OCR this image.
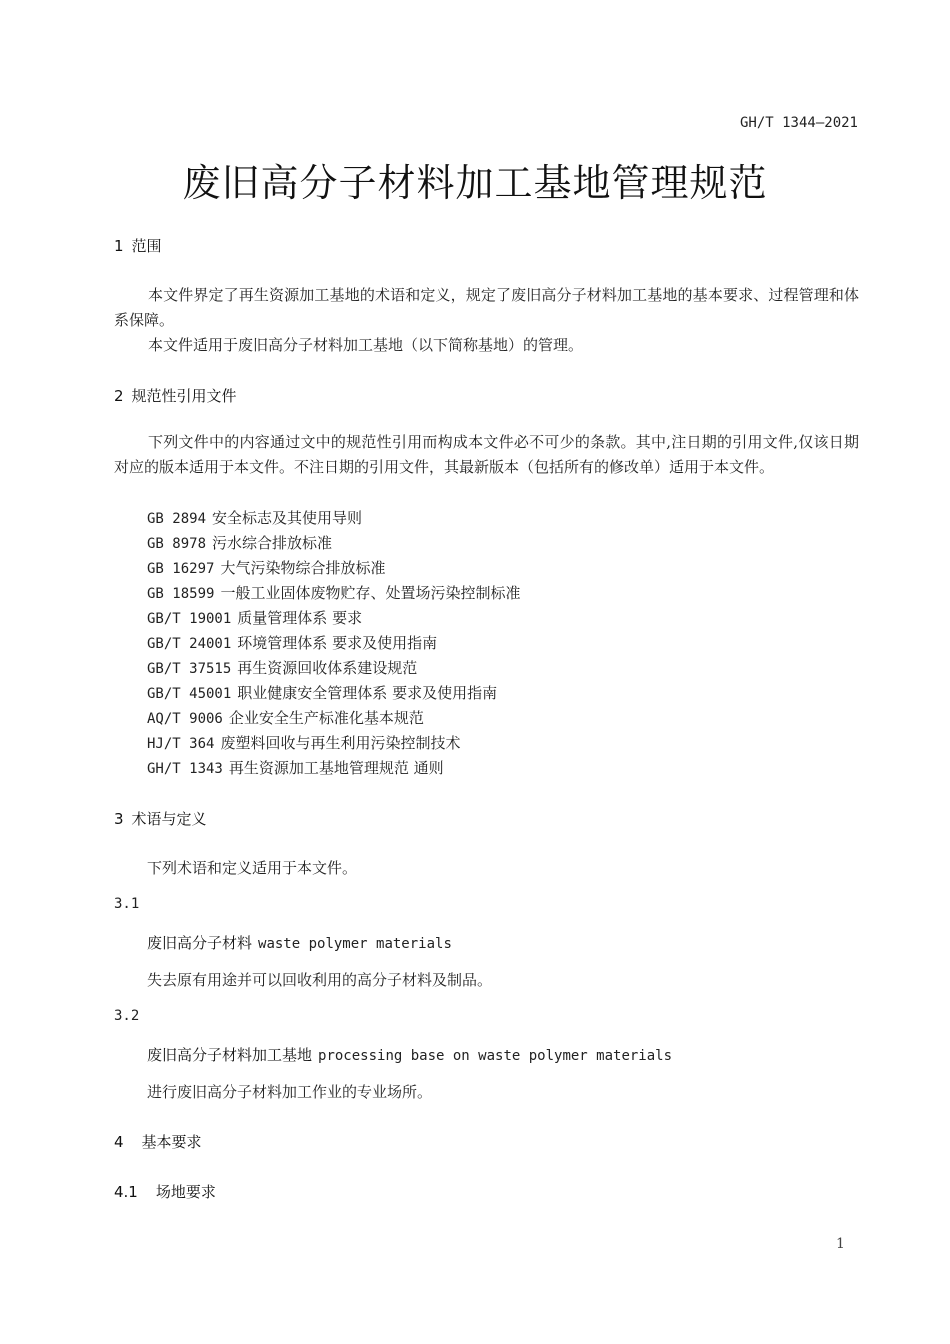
GH/T 1344—2021
废旧高分子材料加工基地管理规范
1 范围

本文件界定了再生资源加工基地的术语和定义，规定了废旧高分子材料加工基地的基本要求、过程管理和体系保障。

本文件适用于废旧高分子材料加工基地（以下简称基地）的管理。

2 规范性引用文件

下列文件中的内容通过文中的规范性引用而构成本文件必不可少的条款。其中,注日期的引用文件,仅该日期对应的版本适用于本文件。不注日期的引用文件，其最新版本（包括所有的修改单）适用于本文件。

GB 2894 安全标志及其使用导则
GB 8978 污水综合排放标准
GB 16297 大气污染物综合排放标准
GB 18599 一般工业固体废物贮存、处置场污染控制标准
GB/T 19001 质量管理体系 要求
GB/T 24001 环境管理体系 要求及使用指南
GB/T 37515 再生资源回收体系建设规范
GB/T 45001 职业健康安全管理体系 要求及使用指南
AQ/T 9006 企业安全生产标准化基本规范
HJ/T 364 废塑料回收与再生利用污染控制技术
GH/T 1343 再生资源加工基地管理规范 通则
3 术语与定义
下列术语和定义适用于本文件。
3.1
废旧高分子材料 waste polymer materials
失去原有用途并可以回收利用的高分子材料及制品。
3.2
废旧高分子材料加工基地 processing base on waste polymer materials
进行废旧高分子材料加工作业的专业场所。
4 基本要求
4.1 场地要求
1
